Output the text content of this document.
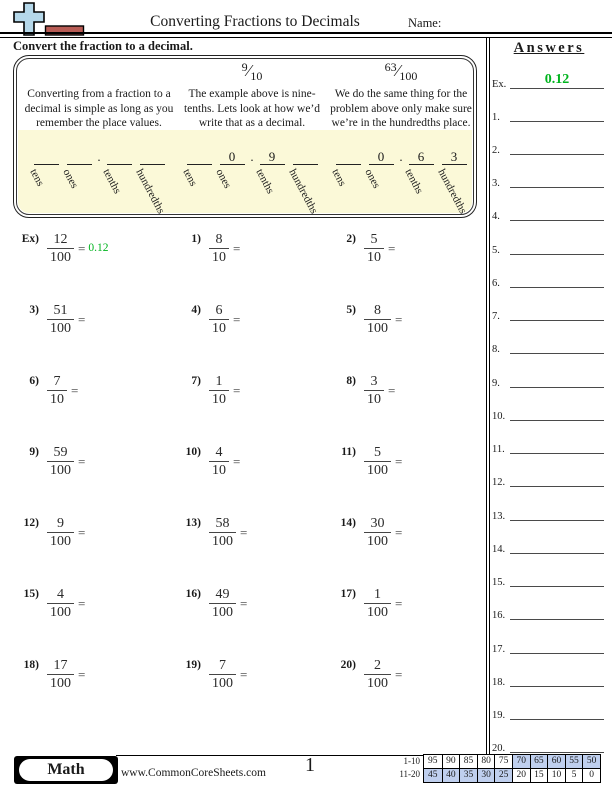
Converting Fractions to Decimals	Name:
Convert the fraction to a decimal.
Converting from a fraction to a decimal is simple as long as you remember the place values.
tens ones
.
tenths hundredths
9⁄10
The example above is nine-tenths. Lets look at how we’d write that as a decimal.
tens
0
ones
.	9
tenths hundredths
63⁄100
We do the same thing for the problem above only make sure we’re in the hundredths place.
tens
0
ones
.	6
tenths
3
hundredths
$Ex) \frac{12}{100} = 0.12$
$1) \frac{8}{10}$ =
$2) \frac{5}{10}$ =
$3) \frac{51}{100}$ =
$4) \frac{6}{10}$ =
$5) \frac{8}{100}$ =
$6) \frac{7}{10}$ =
$7) \frac{1}{10}$ =
$8) \frac{3}{10}$ =
$9) \frac{59}{100}$ =
$10) \frac{4}{10}$ =
$11) \frac{5}{100}$ =
$12) \frac{9}{100}$ =
$13) \frac{58}{100}$ =
$14) \frac{30}{100}$ =
$15) \frac{4}{100}$ =
$16) \frac{49}{100}$ =
$17) \frac{1}{100}$ =
$18) \frac{17}{100}$ =
$19) \frac{7}{100}$ =
$20) \frac{2}{100}$ =
Answers
Ex.	0.12
1.
2.
3.
4.
5.
6.
7.
8.
9.
10.
11.
12.
13.
14.
15.
16.
17.
18.
19.
20.
Math	www.CommonCoreSheets.com	1	1-10
11-20
95 90 85 80 75 70 65 60 55 50
45 40 35 30 25 20 15 10	5	0
